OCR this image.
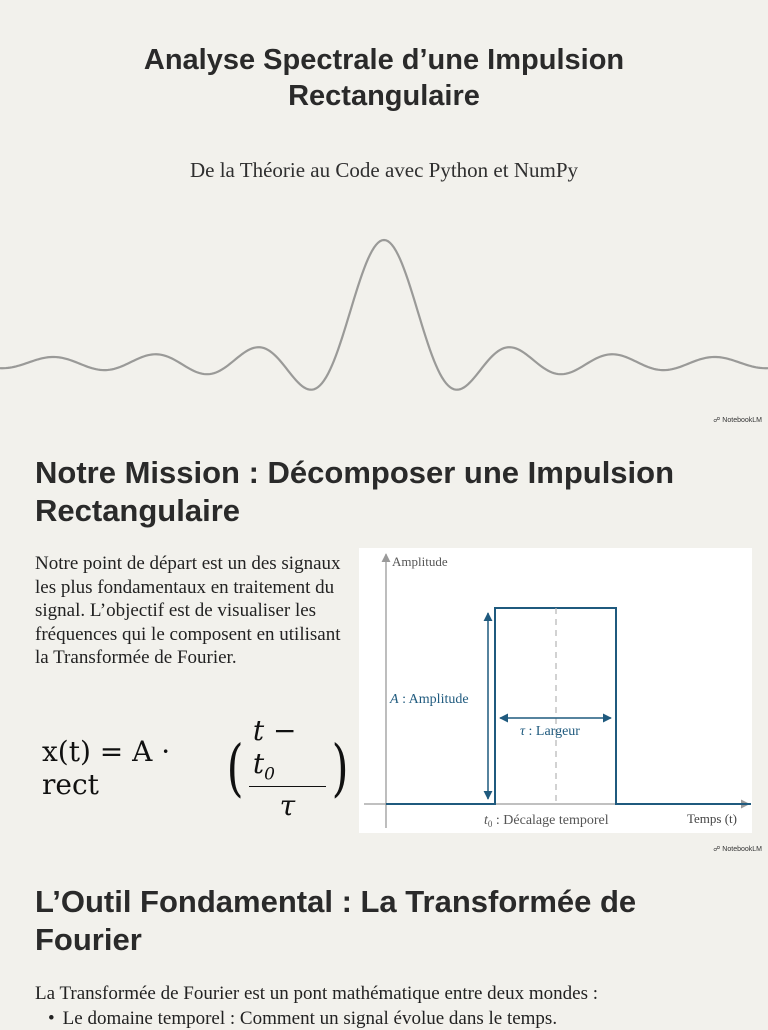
Analyse Spectrale d’une Impulsion Rectangulaire
De la Théorie au Code avec Python et NumPy
☍ NotebookLM
Notre Mission : Décomposer une Impulsion Rectangulaire
Notre point de départ est un des signaux les plus fondamentaux en traitement du signal. L’objectif est de visualiser les fréquences qui le composent en utilisant la Transformée de Fourier.
x(t) = A · rect	( $\frac{t - t_0}{\tau}$ )
Amplitude
Temps (t)
A : Amplitude
τ : Largeur
$t_0$ : Décalage temporel
☍ NotebookLM
L’Outil Fondamental : La Transformée de Fourier
La Transformée de Fourier est un pont mathématique entre deux mondes :
• Le domaine temporel : Comment un signal évolue dans le temps.
